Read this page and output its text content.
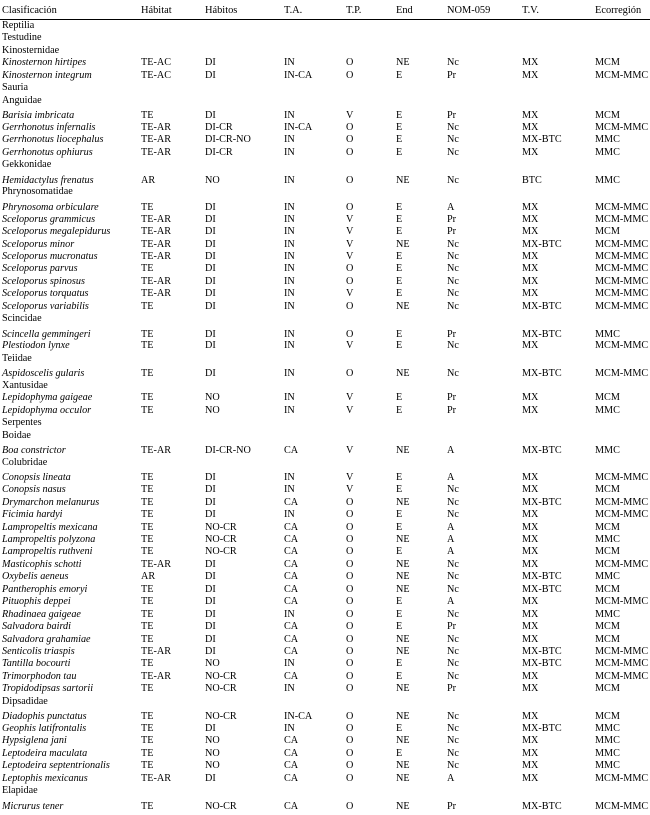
Clasificación	Hábitat	Hábitos	T.A.	T.P.	End	NOM-059	T.V.	Ecorregión
Reptilia
Testudine
Kinosternidae
Kinosternon hirtipes	TE-AC	DI	IN	O	NE	Nc	MX	MCM
Kinosternon integrum	TE-AC	DI	IN-CA	O	E	Pr	MX	MCM-MMC
Sauria
Anguidae
Barisia imbricata	TE	DI	IN	V	E	Pr	MX	MCM
Gerrhonotus infernalis	TE-AR	DI-CR	IN-CA	O	E	Nc	MX	MCM-MMC
Gerrhonotus liocephalus	TE-AR	DI-CR-NO	IN	O	E	Nc	MX-BTC	MMC
Gerrhonotus ophiurus	TE-AR	DI-CR	IN	O	E	Nc	MX	MMC
Gekkonidae
Hemidactylus frenatus	AR	NO	IN	O	NE	Nc	BTC	MMC
Phrynosomatidae
Phrynosoma orbiculare	TE	DI	IN	O	E	A	MX	MCM-MMC
Sceloporus grammicus	TE-AR	DI	IN	V	E	Pr	MX	MCM-MMC
Sceloporus megalepidurus	TE-AR	DI	IN	V	E	Pr	MX	MCM
Sceloporus minor	TE-AR	DI	IN	V	NE	Nc	MX-BTC	MCM-MMC
Sceloporus mucronatus	TE-AR	DI	IN	V	E	Nc	MX	MCM-MMC
Sceloporus parvus	TE	DI	IN	O	E	Nc	MX	MCM-MMC
Sceloporus spinosus	TE-AR	DI	IN	O	E	Nc	MX	MCM-MMC
Sceloporus torquatus	TE-AR	DI	IN	V	E	Nc	MX	MCM-MMC
Sceloporus variabilis	TE	DI	IN	O	NE	Nc	MX-BTC	MCM-MMC
Scincidae
Scincella gemmingeri	TE	DI	IN	O	E	Pr	MX-BTC	MMC
Plestiodon lynxe	TE	DI	IN	V	E	Nc	MX	MCM-MMC
Teiidae
Aspidoscelis gularis	TE	DI	IN	O	NE	Nc	MX-BTC	MCM-MMC
Xantusidae
Lepidophyma gaigeae	TE	NO	IN	V	E	Pr	MX	MCM
Lepidophyma occulor	TE	NO	IN	V	E	Pr	MX	MMC
Serpentes
Boidae
Boa constrictor	TE-AR	DI-CR-NO	CA	V	NE	A	MX-BTC	MMC
Colubridae
Conopsis lineata	TE	DI	IN	V	E	A	MX	MCM-MMC
Conopsis nasus	TE	DI	IN	V	E	Nc	MX	MCM
Drymarchon melanurus	TE	DI	CA	O	NE	Nc	MX-BTC	MCM-MMC
Ficimia hardyi	TE	DI	IN	O	E	Nc	MX	MCM-MMC
Lampropeltis mexicana	TE	NO-CR	CA	O	E	A	MX	MCM
Lampropeltis polyzona	TE	NO-CR	CA	O	NE	A	MX	MMC
Lampropeltis ruthveni	TE	NO-CR	CA	O	E	A	MX	MCM
Masticophis schotti	TE-AR	DI	CA	O	NE	Nc	MX	MCM-MMC
Oxybelis aeneus	AR	DI	CA	O	NE	Nc	MX-BTC	MMC
Pantherophis emoryi	TE	DI	CA	O	NE	Nc	MX-BTC	MCM
Pituophis deppei	TE	DI	CA	O	E	A	MX	MCM-MMC
Rhadinaea gaigeae	TE	DI	IN	O	E	Nc	MX	MMC
Salvadora bairdi	TE	DI	CA	O	E	Pr	MX	MCM
Salvadora grahamiae	TE	DI	CA	O	NE	Nc	MX	MCM
Senticolis triaspis	TE-AR	DI	CA	O	NE	Nc	MX-BTC	MCM-MMC
Tantilla bocourti	TE	NO	IN	O	E	Nc	MX-BTC	MCM-MMC
Trimorphodon tau	TE-AR	NO-CR	CA	O	E	Nc	MX	MCM-MMC
Tropidodipsas sartorii	TE	NO-CR	IN	O	NE	Pr	MX	MCM
Dipsadidae
Diadophis punctatus	TE	NO-CR	IN-CA	O	NE	Nc	MX	MCM
Geophis latifrontalis	TE	DI	IN	O	E	Nc	MX-BTC	MMC
Hypsiglena jani	TE	NO	CA	O	NE	Nc	MX	MMC
Leptodeira maculata	TE	NO	CA	O	E	Nc	MX	MMC
Leptodeira septentrionalis	TE	NO	CA	O	NE	Nc	MX	MMC
Leptophis mexicanus	TE-AR	DI	CA	O	NE	A	MX	MCM-MMC
Elapidae
Micrurus tener	TE	NO-CR	CA	O	NE	Pr	MX-BTC	MCM-MMC
